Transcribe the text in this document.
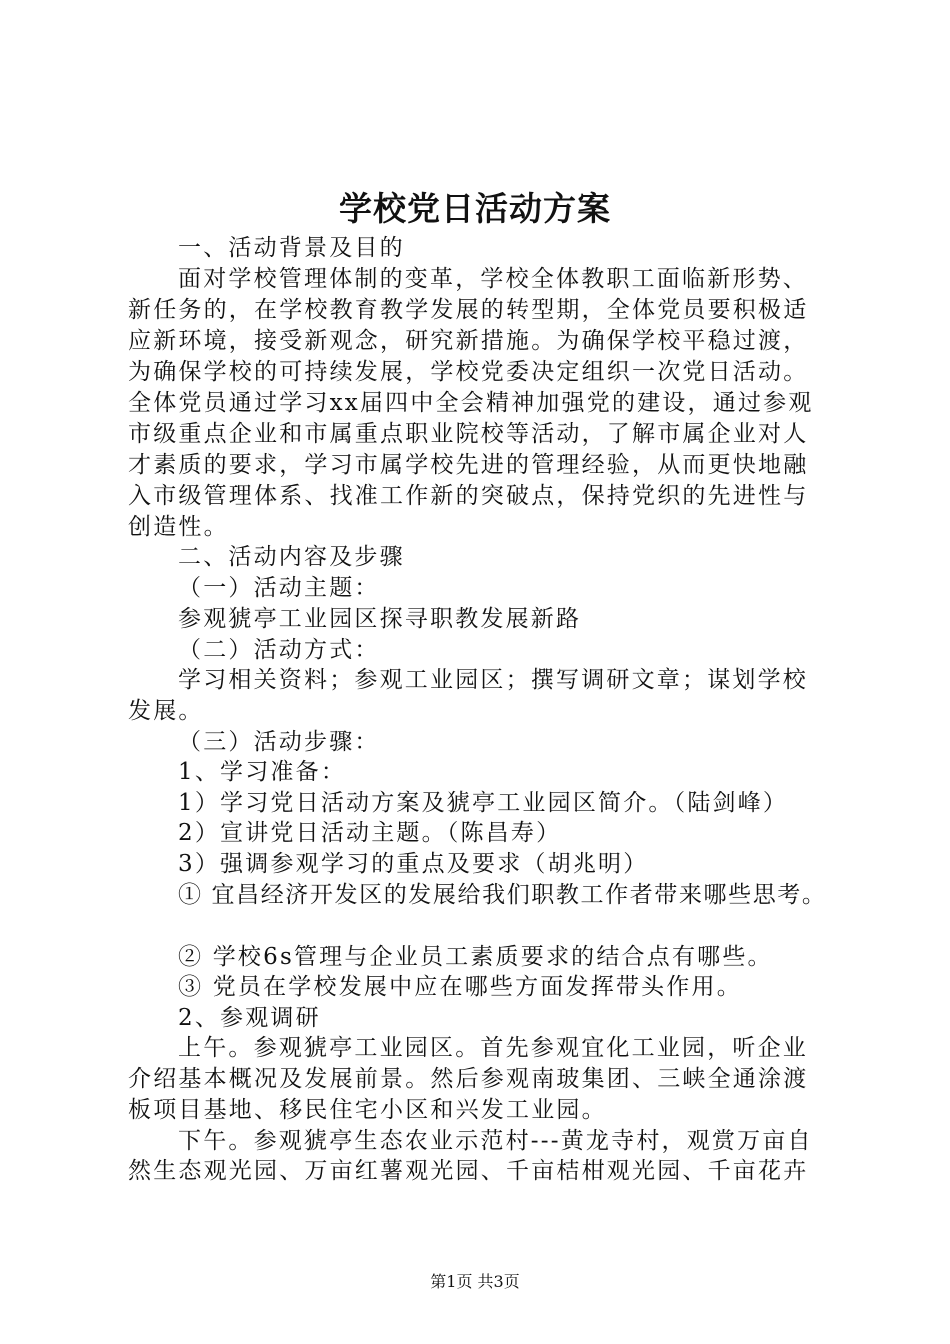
学校党日活动方案
一、活动背景及目的
面对学校管理体制的变革，学校全体教职工面临新形势、
新任务的，在学校教育教学发展的转型期，全体党员要积极适
应新环境，接受新观念，研究新措施。为确保学校平稳过渡，
为确保学校的可持续发展，学校党委决定组织一次党日活动。
全体党员通过学习xx届四中全会精神加强党的建设，通过参观
市级重点企业和市属重点职业院校等活动，了解市属企业对人
才素质的要求，学习市属学校先进的管理经验，从而更快地融
入市级管理体系、找准工作新的突破点，保持党织的先进性与
创造性。
二、活动内容及步骤
（一）活动主题：
参观猇亭工业园区探寻职教发展新路
（二）活动方式：
学习相关资料；参观工业园区；撰写调研文章；谋划学校
发展。
（三）活动步骤：
1、学习准备：
1）学习党日活动方案及猇亭工业园区简介。（陆剑峰）
2）宣讲党日活动主题。（陈昌寿）
3）强调参观学习的重点及要求（胡兆明）
① 宜昌经济开发区的发展给我们职教工作者带来哪些思考。
② 学校6s管理与企业员工素质要求的结合点有哪些。
③ 党员在学校发展中应在哪些方面发挥带头作用。
2、参观调研
上午。参观猇亭工业园区。首先参观宜化工业园，听企业
介绍基本概况及发展前景。然后参观南玻集团、三峡全通涂渡
板项目基地、移民住宅小区和兴发工业园。
下午。参观猇亭生态农业示范村---黄龙寺村，观赏万亩自
然生态观光园、万亩红薯观光园、千亩桔柑观光园、千亩花卉
第1页 共3页
